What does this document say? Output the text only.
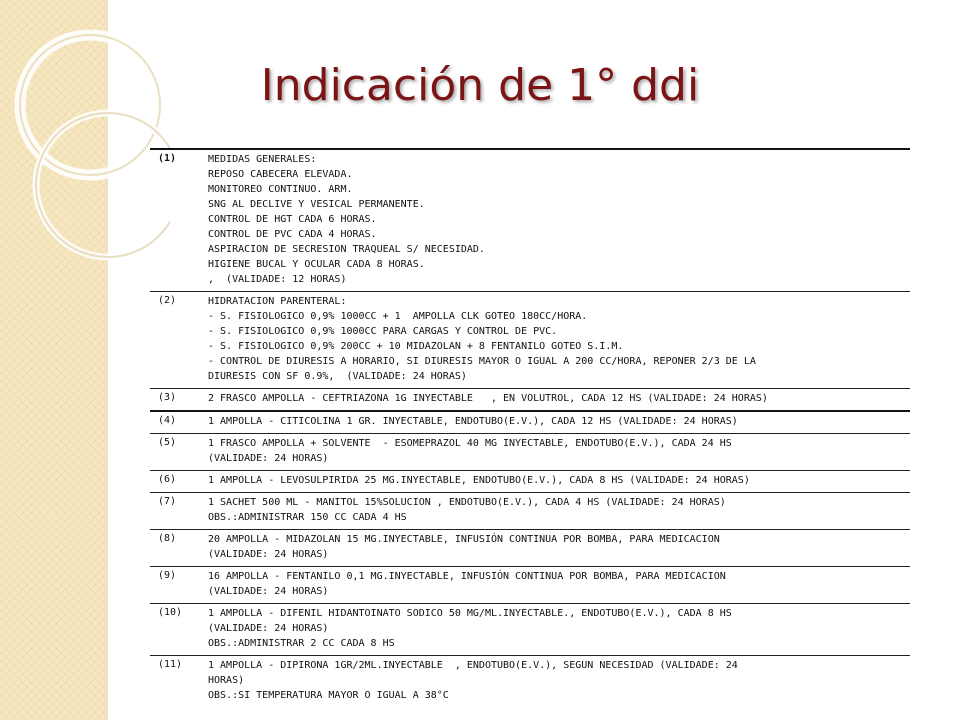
Indicación de 1° ddi
(1)	MEDIDAS GENERALES:
REPOSO CABECERA ELEVADA.
MONITOREO CONTINUO. ARM.
SNG AL DECLIVE Y VESICAL PERMANENTE.
CONTROL DE HGT CADA 6 HORAS.
CONTROL DE PVC CADA 4 HORAS.
ASPIRACION DE SECRESION TRAQUEAL S/ NECESIDAD.
HIGIENE BUCAL Y OCULAR CADA 8 HORAS.
,  (VALIDADE: 12 HORAS)
(2)	HIDRATACION PARENTERAL:
- S. FISIOLOGICO 0,9% 1000CC + 1  AMPOLLA CLK GOTEO 180CC/HORA.
- S. FISIOLOGICO 0,9% 1000CC PARA CARGAS Y CONTROL DE PVC.
- S. FISIOLOGICO 0,9% 200CC + 10 MIDAZOLAN + 8 FENTANILO GOTEO S.I.M.
- CONTROL DE DIURESIS A HORARIO, SI DIURESIS MAYOR O IGUAL A 200 CC/HORA, REPONER 2/3 DE LA
DIURESIS CON SF 0.9%,  (VALIDADE: 24 HORAS)
(3)	2 FRASCO AMPOLLA - CEFTRIAZONA 1G INYECTABLE   , EN VOLUTROL, CADA 12 HS (VALIDADE: 24 HORAS)
(4)	1 AMPOLLA - CITICOLINA 1 GR. INYECTABLE, ENDOTUBO(E.V.), CADA 12 HS (VALIDADE: 24 HORAS)
(5)	1 FRASCO AMPOLLA + SOLVENTE  - ESOMEPRAZOL 40 MG INYECTABLE, ENDOTUBO(E.V.), CADA 24 HS
(VALIDADE: 24 HORAS)
(6)	1 AMPOLLA - LEVOSULPIRIDA 25 MG.INYECTABLE, ENDOTUBO(E.V.), CADA 8 HS (VALIDADE: 24 HORAS)
(7)	1 SACHET 500 ML - MANITOL 15%SOLUCION , ENDOTUBO(E.V.), CADA 4 HS (VALIDADE: 24 HORAS)
OBS.:ADMINISTRAR 150 CC CADA 4 HS
(8)	20 AMPOLLA - MIDAZOLAN 15 MG.INYECTABLE, INFUSIÓN CONTINUA POR BOMBA, PARA MEDICACION
(VALIDADE: 24 HORAS)
(9)	16 AMPOLLA - FENTANILO 0,1 MG.INYECTABLE, INFUSIÓN CONTINUA POR BOMBA, PARA MEDICACION
(VALIDADE: 24 HORAS)
(10)	1 AMPOLLA - DIFENIL HIDANTOINATO SODICO 50 MG/ML.INYECTABLE., ENDOTUBO(E.V.), CADA 8 HS
(VALIDADE: 24 HORAS)
OBS.:ADMINISTRAR 2 CC CADA 8 HS
(11)	1 AMPOLLA - DIPIRONA 1GR/2ML.INYECTABLE  , ENDOTUBO(E.V.), SEGUN NECESIDAD (VALIDADE: 24
HORAS)
OBS.:SI TEMPERATURA MAYOR O IGUAL A 38°C
